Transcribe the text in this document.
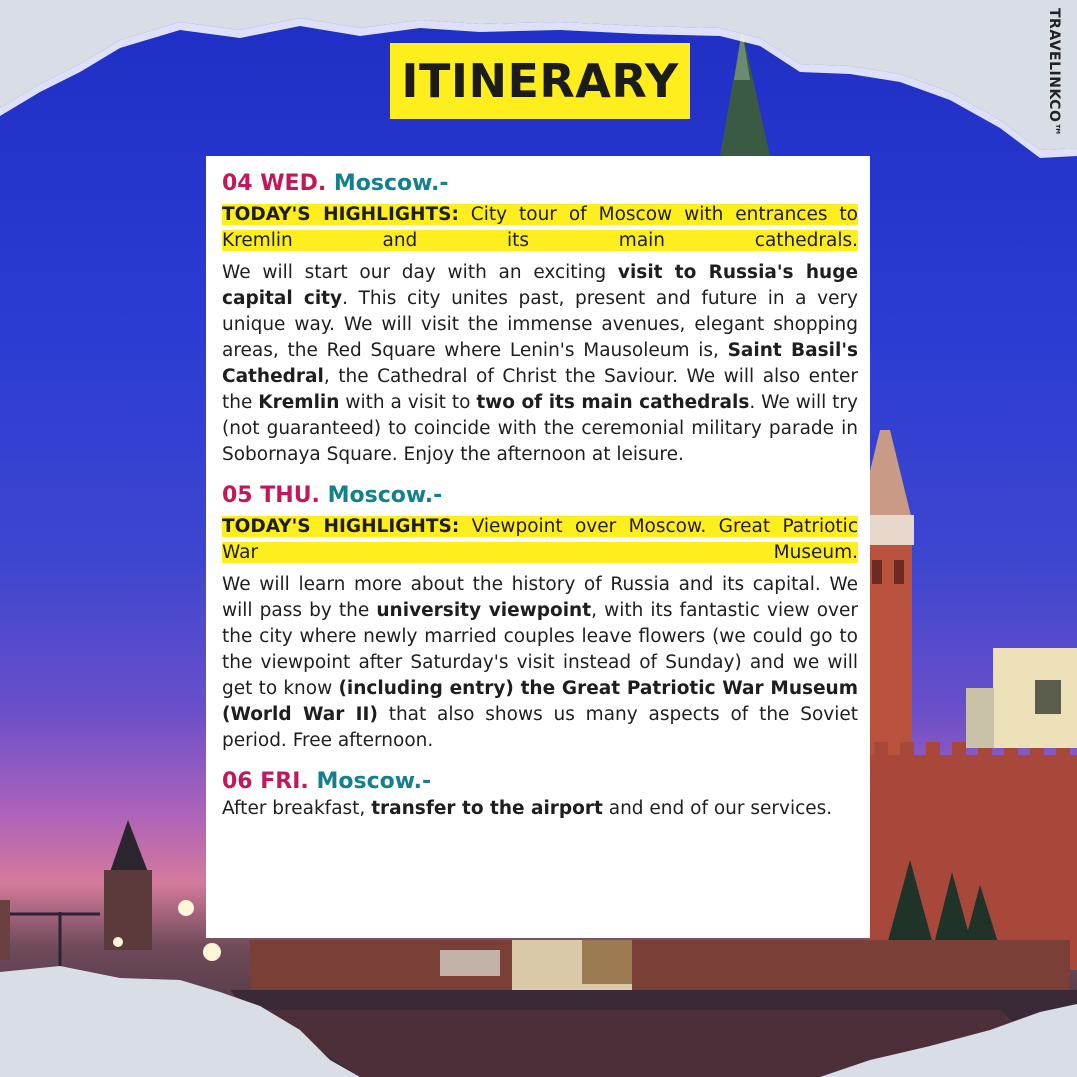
ITINERARY	TRAVELINKCO™

04 WED. Moscow.-

TODAY'S HIGHLIGHTS: City tour of Moscow with entrances to Kremlin and its main cathedrals.

We will start our day with an exciting visit to Russia's huge capital city. This city unites past, present and future in a very unique way. We will visit the immense avenues, elegant shopping areas, the Red Square where Lenin's Mausoleum is, Saint Basil's Cathedral, the Cathedral of Christ the Saviour. We will also enter the Kremlin with a visit to two of its main cathedrals. We will try (not guaranteed) to coincide with the ceremonial military parade in Sobornaya Square. Enjoy the afternoon at leisure.

05 THU. Moscow.-

TODAY'S HIGHLIGHTS: Viewpoint over Moscow. Great Patriotic War Museum.

We will learn more about the history of Russia and its capital. We will pass by the university viewpoint, with its fantastic view over the city where newly married couples leave flowers (we could go to the viewpoint after Saturday's visit instead of Sunday) and we will get to know (including entry) the Great Patriotic War Museum (World War II) that also shows us many aspects of the Soviet period. Free afternoon.

06 FRI. Moscow.-

After breakfast, transfer to the airport and end of our services.
